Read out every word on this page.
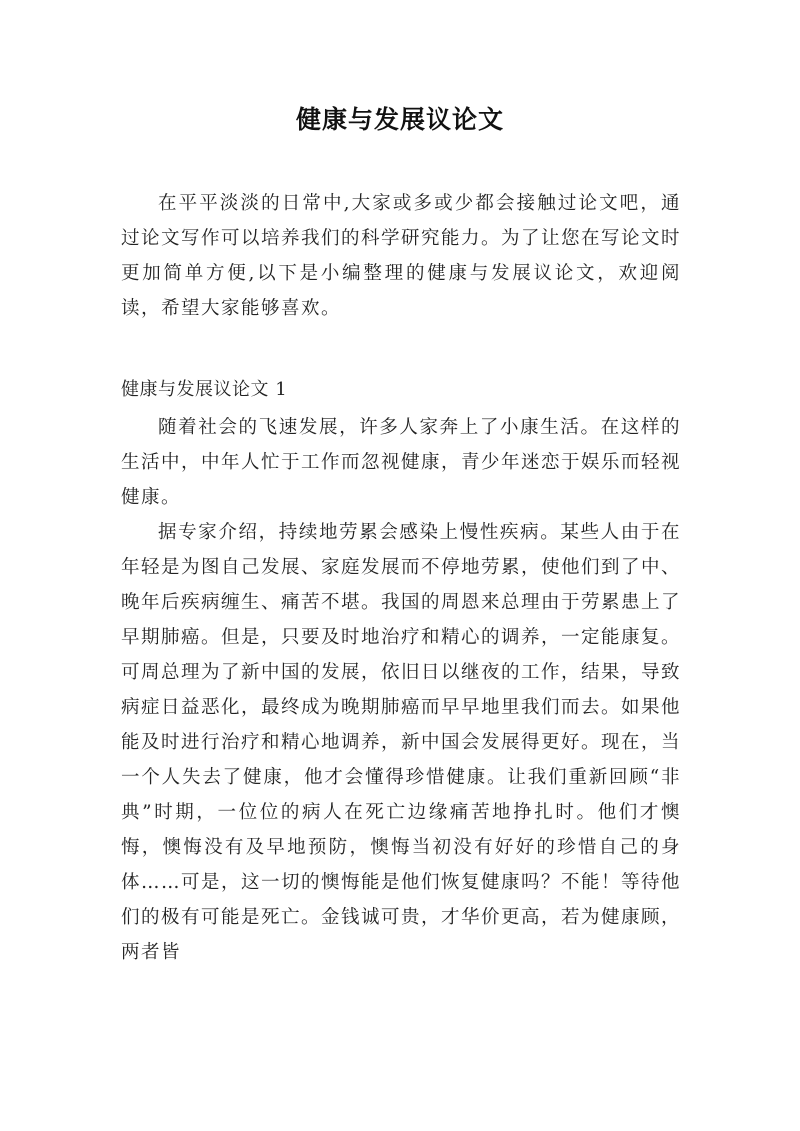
健康与发展议论文

在平平淡淡的日常中,大家或多或少都会接触过论文吧，通过论文写作可以培养我们的科学研究能力。为了让您在写论文时更加简单方便,以下是小编整理的健康与发展议论文，欢迎阅读，希望大家能够喜欢。

健康与发展议论文 1

随着社会的飞速发展，许多人家奔上了小康生活。在这样的生活中，中年人忙于工作而忽视健康，青少年迷恋于娱乐而轻视健康。

据专家介绍，持续地劳累会感染上慢性疾病。某些人由于在年轻是为图自己发展、家庭发展而不停地劳累，使他们到了中、晚年后疾病缠生、痛苦不堪。我国的周恩来总理由于劳累患上了早期肺癌。但是，只要及时地治疗和精心的调养，一定能康复。可周总理为了新中国的发展，依旧日以继夜的工作，结果，导致病症日益恶化，最终成为晚期肺癌而早早地里我们而去。如果他能及时进行治疗和精心地调养，新中国会发展得更好。现在，当一个人失去了健康，他才会懂得珍惜健康。让我们重新回顾“非典”时期，一位位的病人在死亡边缘痛苦地挣扎时。他们才懊悔，懊悔没有及早地预防，懊悔当初没有好好的珍惜自己的身体……可是，这一切的懊悔能是他们恢复健康吗？不能！等待他们的极有可能是死亡。金钱诚可贵，才华价更高，若为健康顾，两者皆
